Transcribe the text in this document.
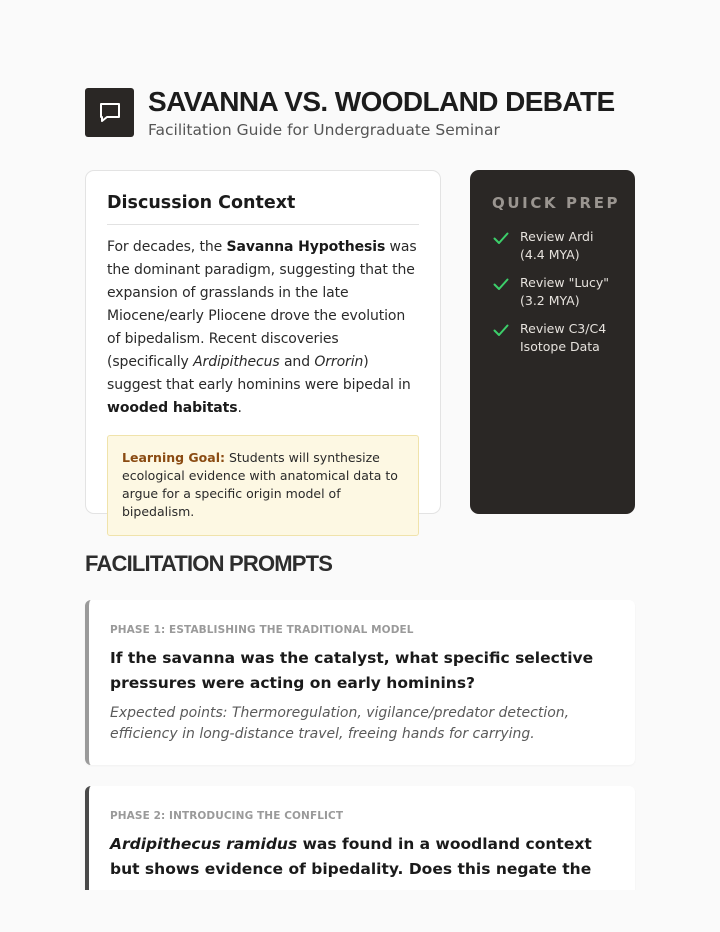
SAVANNA VS. WOODLAND DEBATE
Facilitation Guide for Undergraduate Seminar
Discussion Context
For decades, the Savanna Hypothesis was the dominant paradigm, suggesting that the expansion of grasslands in the late Miocene/early Pliocene drove the evolution of bipedalism. Recent discoveries (specifically Ardipithecus and Orrorin) suggest that early hominins were bipedal in wooded habitats.
Learning Goal: Students will synthesize ecological evidence with anatomical data to argue for a specific origin model of bipedalism.
QUICK PREP
Review Ardi (4.4 MYA)
Review "Lucy" (3.2 MYA)
Review C3/C4 Isotope Data
FACILITATION PROMPTS
PHASE 1: ESTABLISHING THE TRADITIONAL MODEL
If the savanna was the catalyst, what specific selective pressures were acting on early hominins?
Expected points: Thermoregulation, vigilance/predator detection, efficiency in long-distance travel, freeing hands for carrying.
PHASE 2: INTRODUCING THE CONFLICT
Ardipithecus ramidus was found in a woodland context but shows evidence of bipedality. Does this negate the
